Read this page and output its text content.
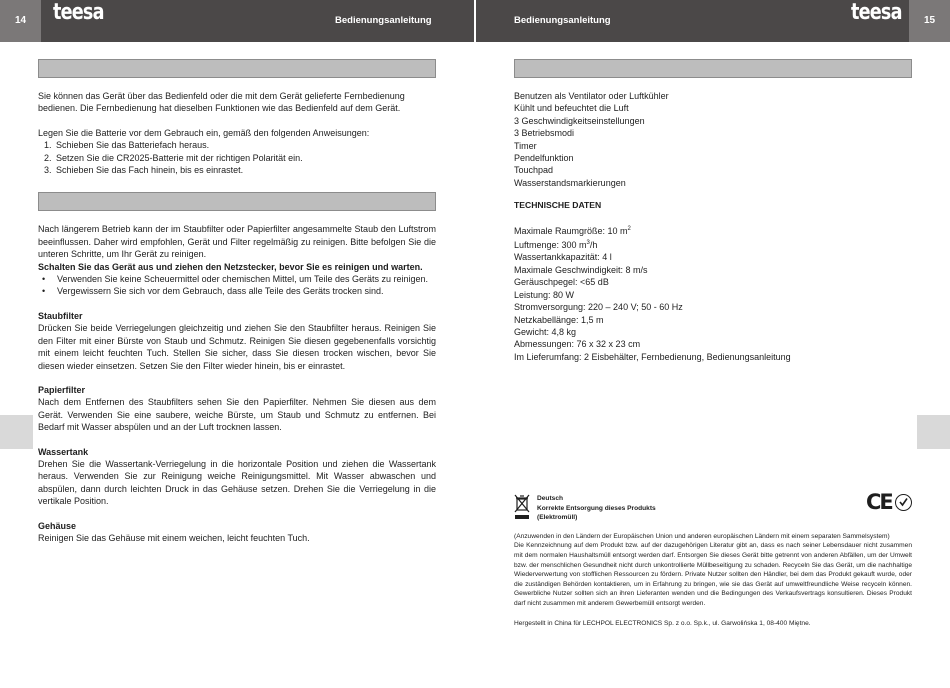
14	teesa	Bedienungsanleitung	Bedienungsanleitung	teesa	15

Sie können das Gerät über das Bedienfeld oder die mit dem Gerät gelieferte Fernbedienung bedienen. Die Fernbedienung hat dieselben Funktionen wie das Bedienfeld auf dem Gerät.

Legen Sie die Batterie vor dem Gebrauch ein, gemäß den folgenden Anweisungen:

1. Schieben Sie das Batteriefach heraus.
2. Setzen Sie die CR2025-Batterie mit der richtigen Polarität ein.
3. Schieben Sie das Fach hinein, bis es einrastet.

Nach längerem Betrieb kann der im Staubfilter oder Papierfilter angesammelte Staub den Luftstrom beeinflussen. Daher wird empfohlen, Gerät und Filter regelmäßig zu reinigen. Bitte befolgen Sie die unteren Schritte, um Ihr Gerät zu reinigen.

Schalten Sie das Gerät aus und ziehen den Netzstecker, bevor Sie es reinigen und warten.

• Verwenden Sie keine Scheuermittel oder chemischen Mittel, um Teile des Geräts zu reinigen.
• Vergewissern Sie sich vor dem Gebrauch, dass alle Teile des Geräts trocken sind.

Staubfilter

Drücken Sie beide Verriegelungen gleichzeitig und ziehen Sie den Staubfilter heraus. Reinigen Sie den Filter mit einer Bürste von Staub und Schmutz. Reinigen Sie diesen gegebenenfalls vorsichtig mit einem leicht feuchten Tuch. Stellen Sie sicher, dass Sie diesen trocken wischen, bevor Sie diesen wieder einsetzen. Setzen Sie den Filter wieder hinein, bis er einrastet.

Papierfilter

Nach dem Entfernen des Staubfilters sehen Sie den Papierfilter. Nehmen Sie diesen aus dem Gerät. Verwenden Sie eine saubere, weiche Bürste, um Staub und Schmutz zu entfernen. Bei Bedarf mit Wasser abspülen und an der Luft trocknen lassen.

Wassertank

Drehen Sie die Wassertank-Verriegelung in die horizontale Position und ziehen die Wassertank heraus. Verwenden Sie zur Reinigung weiche Reinigungsmittel. Mit Wasser abwaschen und abspülen, dann durch leichten Druck in das Gehäuse setzen. Drehen Sie die Verriegelung in die vertikale Position.

Gehäuse

Reinigen Sie das Gehäuse mit einem weichen, leicht feuchten Tuch.

Benutzen als Ventilator oder Luftkühler

Kühlt und befeuchtet die Luft

3 Geschwindigkeitseinstellungen

3 Betriebsmodi

Timer

Pendelfunktion

Touchpad

Wasserstandsmarkierungen

TECHNISCHE DATEN

Maximale Raumgröße: 10 $m^2$

Luftmenge: 300 $m^3/h$

Wassertankkapazität: 4 l

Maximale Geschwindigkeit: 8 m/s

Geräuschpegel: <65 dB

Leistung: 80 W

Stromversorgung: 220 – 240 V; 50 - 60 Hz

Netzkabellänge: 1,5 m

Gewicht: 4,8 kg

Abmessungen: 76 x 32 x 23 cm

Im Lieferumfang: 2 Eisbehälter, Fernbedienung, Bedienungsanleitung

Deutsch

Korrekte Entsorgung dieses Produkts

(Elektromüll)

(Anzuwenden in den Ländern der Europäischen Union und anderen europäischen Ländern mit einem separaten Sammelsystem)

Die Kennzeichnung auf dem Produkt bzw. auf der dazugehörigen Literatur gibt an, dass es nach seiner Lebensdauer nicht zusammen mit dem normalen Haushaltsmüll entsorgt werden darf. Entsorgen Sie dieses Gerät bitte getrennt von anderen Abfällen, um der Umwelt bzw. der menschlichen Gesundheit nicht durch unkontrollierte Müllbeseitigung zu schaden. Recyceln Sie das Gerät, um die nachhaltige Wiederverwertung von stofflichen Ressourcen zu fördern. Private Nutzer sollten den Händler, bei dem das Produkt gekauft wurde, oder die zuständigen Behörden kontaktieren, um in Erfahrung zu bringen, wie sie das Gerät auf umweltfreundliche Weise recyceln können. Gewerbliche Nutzer sollten sich an ihren Lieferanten wenden und die Bedingungen des Verkaufsvertrags konsultieren. Dieses Produkt darf nicht zusammen mit anderem Gewerbemüll entsorgt werden.

Hergestellt in China für LECHPOL ELECTRONICS Sp. z o.o. Sp.k., ul. Garwolińska 1, 08-400 Miętne.

CE
